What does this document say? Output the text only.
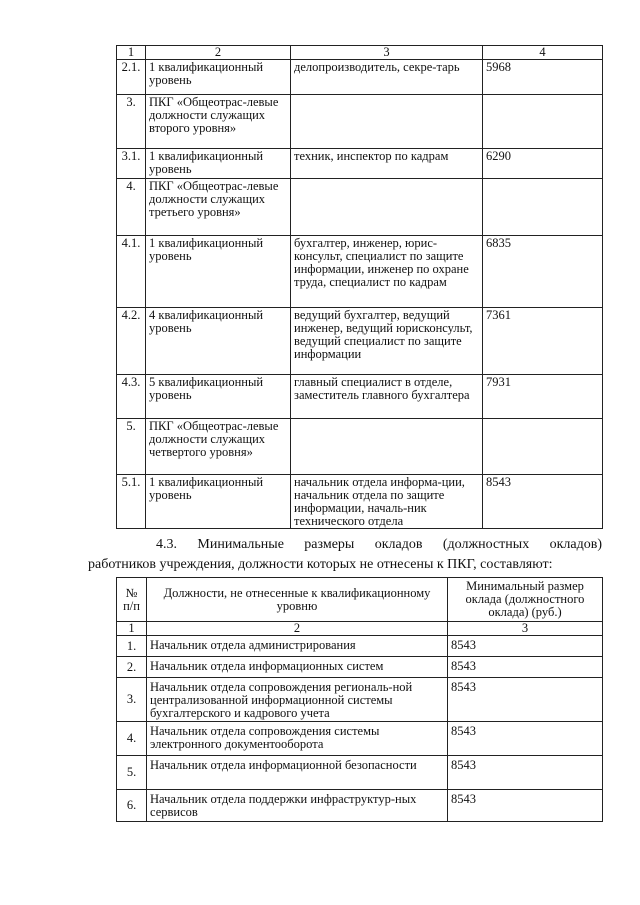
1	2	3	4
2.1.	1 квалификационный уровень	делопроизводитель, секре-тарь	5968
3.	ПКГ «Общеотрас-левые должности служащих второго уровня»		
3.1.	1 квалификационный уровень	техник, инспектор по кадрам	6290
4.	ПКГ «Общеотрас-левые должности служащих третьего уровня»		
4.1.	1 квалификационный уровень	бухгалтер, инженер, юрис-консульт, специалист по защите информации, инженер по охране труда, специалист по кадрам	6835
4.2.	4 квалификационный уровень	ведущий бухгалтер, ведущий инженер, ведущий юрисконсульт, ведущий специалист по защите информации	7361
4.3.	5 квалификационный уровень	главный специалист в отделе, заместитель главного бухгалтера	7931
5.	ПКГ «Общеотрас-левые должности служащих четвертого уровня»		
5.1.	1 квалификационный уровень	начальник отдела информа-ции, начальник отдела по защите информации, началь-ник технического отдела	8543
4.3. Минимальные размеры окладов (должностных окладов)
работников учреждения, должности которых не отнесены к ПКГ, составляют:
№ п/п	Должности, не отнесенные к квалификационному уровню	Минимальный размер оклада (должностного оклада) (руб.)
1	2	3
1.	Начальник отдела администрирования	8543
2.	Начальник отдела информационных систем	8543
3.	Начальник отдела сопровождения региональ-ной централизованной информационной системы бухгалтерского и кадрового учета	8543
4.	Начальник отдела сопровождения системы электронного документооборота	8543
5.	Начальник отдела информационной безопасности	8543
6.	Начальник отдела поддержки инфраструктур-ных сервисов	8543
